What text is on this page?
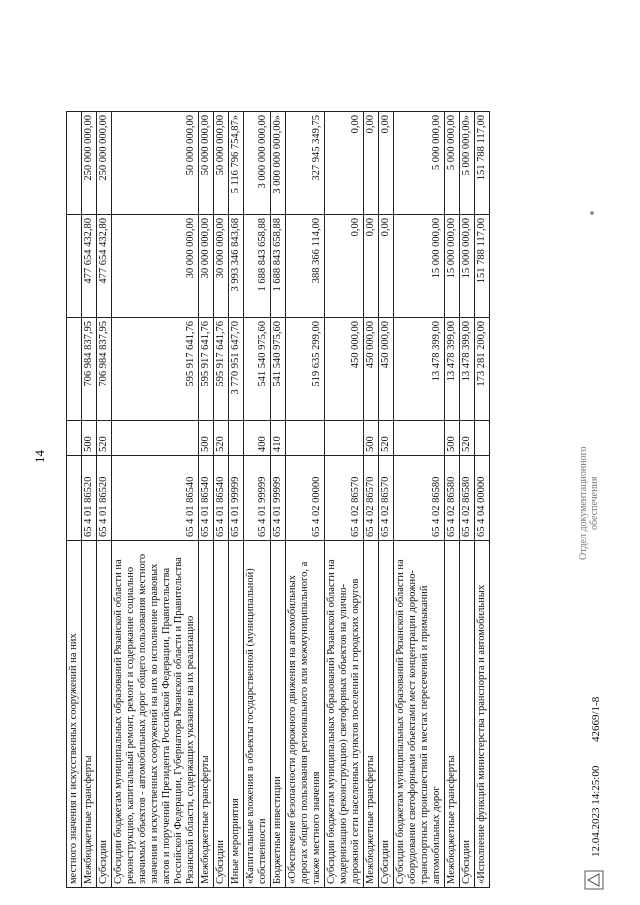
14
местного значения и искусственных сооружений на них					
Межбюджетные трансферты	65 4 01 86520	500	706 984 837,95	477 654 432,80	250 000 000,00
Субсидии	65 4 01 86520	520	706 984 837,95	477 654 432,80	250 000 000,00
Субсидии бюджетам муниципальных образований Рязанской области на реконструкцию, капитальный ремонт, ремонт и содержание социально значимых объектов - автомобильных дорог общего пользования местного значения и искусственных сооружений на них во исполнение правовых актов и поручений Президента Российской Федерации, Правительства Российской Федерации, Губернатора Рязанской области и Правительства Рязанской области, содержащих указание на их реализацию	65 4 01 86540		595 917 641,76	30 000 000,00	50 000 000,00
Межбюджетные трансферты	65 4 01 86540	500	595 917 641,76	30 000 000,00	50 000 000,00
Субсидии	65 4 01 86540	520	595 917 641,76	30 000 000,00	50 000 000,00
Иные мероприятия	65 4 01 99999		3 770 951 647,70	3 993 346 843,68	5 116 796 754,87»
«Капитальные вложения в объекты государственной (муниципальной) собственности	65 4 01 99999	400	541 540 975,60	1 688 843 658,88	3 000 000 000,00
Бюджетные инвестиции	65 4 01 99999	410	541 540 975,60	1 688 843 658,88	3 000 000 000,00»
«Обеспечение безопасности дорожного движения на автомобильных дорогах общего пользования регионального или межмуниципального, а также местного значения	65 4 02 00000		519 635 299,00	388 366 114,00	327 945 349,75
Субсидии бюджетам муниципальных образований Рязанской области на модернизацию (реконструкцию) светофорных объектов на улично-дорожной сети населенных пунктов поселений и городских округов	65 4 02 86570		450 000,00	0,00	0,00
Межбюджетные трансферты	65 4 02 86570	500	450 000,00	0,00	0,00
Субсидии	65 4 02 86570	520	450 000,00	0,00	0,00
Субсидии бюджетам муниципальных образований Рязанской области на оборудование светофорными объектами мест концентрации дорожно-транспортных происшествий в местах пересечений и примыканий автомобильных дорог	65 4 02 86580		13 478 399,00	15 000 000,00	5 000 000,00
Межбюджетные трансферты	65 4 02 86580	500	13 478 399,00	15 000 000,00	5 000 000,00
Субсидии	65 4 02 86580	520	13 478 399,00	15 000 000,00	5 000 000,00»
«Исполнение функций министерства транспорта и автомобильных	65 4 04 00000		173 281 200,00	151 788 117,00	151 788 117,00
12.04.2023 14:25:00
42669/1-8
Отдел документационного обеспечения
